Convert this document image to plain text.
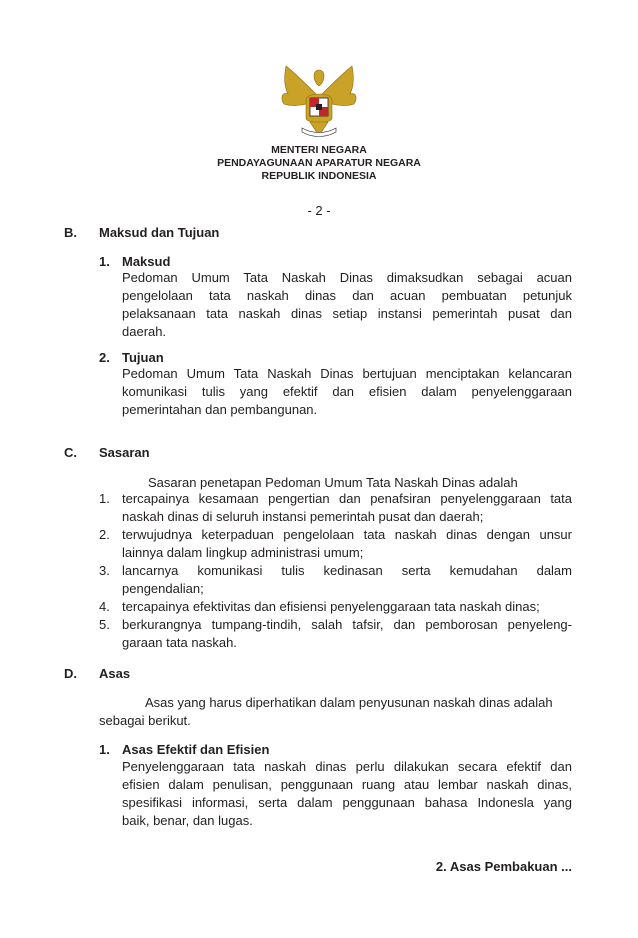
MENTERI NEGARA
PENDAYAGUNAAN APARATUR NEGARA
REPUBLIK INDONESIA
- 2 -
B. Maksud dan Tujuan
1. Maksud
Pedoman Umum Tata Naskah Dinas dimaksudkan sebagai acuan
pengelolaan tata naskah dinas dan acuan pembuatan petunjuk
pelaksanaan tata naskah dinas setiap instansi pemerintah pusat dan
daerah.
2. Tujuan
Pedoman Umum Tata Naskah Dinas bertujuan menciptakan kelancaran
komunikasi tulis yang efektif dan efisien dalam penyelenggaraan
pemerintahan dan pembangunan.
C. Sasaran
Sasaran penetapan Pedoman Umum Tata Naskah Dinas adalah
1. tercapainya kesamaan pengertian dan penafsiran penyelenggaraan tata
naskah dinas di seluruh instansi pemerintah pusat dan daerah;
2. terwujudnya keterpaduan pengelolaan tata naskah dinas dengan unsur
lainnya dalam lingkup administrasi umum;
3. lancarnya komunikasi tulis kedinasan serta kemudahan dalam
pengendalian;
4. tercapainya efektivitas dan efisiensi penyelenggaraan tata naskah dinas;
5. berkurangnya tumpang-tindih, salah tafsir, dan pemborosan penyeleng-
garaan tata naskah.
D. Asas
Asas yang harus diperhatikan dalam penyusunan naskah dinas adalah
sebagai berikut.
1. Asas Efektif dan Efisien
Penyelenggaraan tata naskah dinas perlu dilakukan secara efektif dan
efisien dalam penulisan, penggunaan ruang atau lembar naskah dinas,
spesifikasi informasi, serta dalam penggunaan bahasa Indonesla yang
baik, benar, dan lugas.
2. Asas Pembakuan ...
